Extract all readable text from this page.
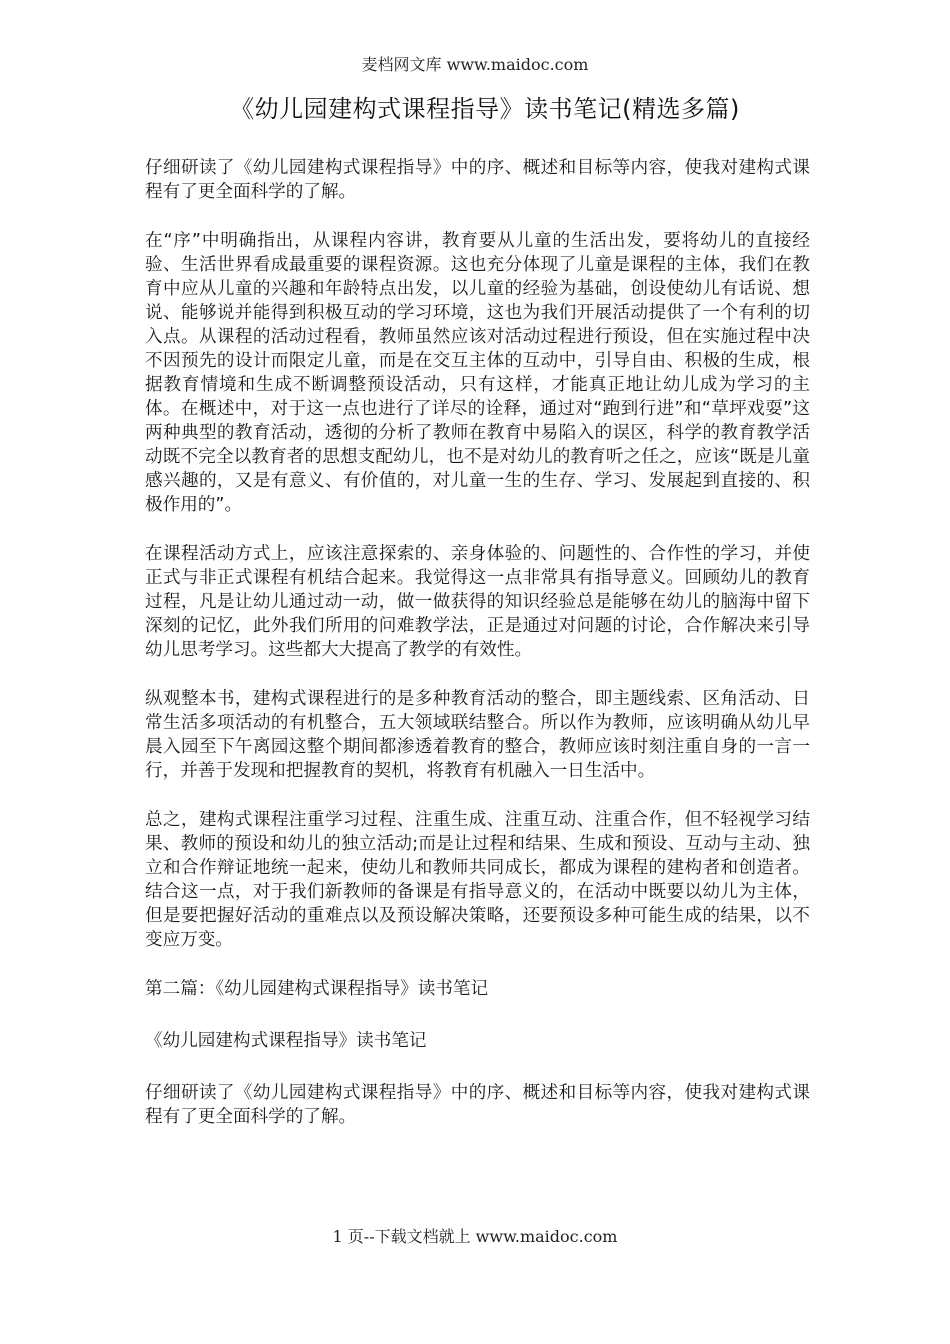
麦档网文库 www.maidoc.com
《幼儿园建构式课程指导》读书笔记(精选多篇)

仔细研读了《幼儿园建构式课程指导》中的序、概述和目标等内容，使我对建构式课程有了更全面科学的了解。

在“序”中明确指出，从课程内容讲，教育要从儿童的生活出发，要将幼儿的直接经验、生活世界看成最重要的课程资源。这也充分体现了儿童是课程的主体，我们在教育中应从儿童的兴趣和年龄特点出发，以儿童的经验为基础，创设使幼儿有话说、想说、能够说并能得到积极互动的学习环境，这也为我们开展活动提供了一个有利的切入点。从课程的活动过程看，教师虽然应该对活动过程进行预设，但在实施过程中决不因预先的设计而限定儿童，而是在交互主体的互动中，引导自由、积极的生成，根据教育情境和生成不断调整预设活动，只有这样，才能真正地让幼儿成为学习的主体。在概述中，对于这一点也进行了详尽的诠释，通过对“跑到行进”和“草坪戏耍”这两种典型的教育活动，透彻的分析了教师在教育中易陷入的误区，科学的教育教学活动既不完全以教育者的思想支配幼儿，也不是对幼儿的教育听之任之，应该“既是儿童感兴趣的，又是有意义、有价值的，对儿童一生的生存、学习、发展起到直接的、积极作用的”。

在课程活动方式上，应该注意探索的、亲身体验的、问题性的、合作性的学习，并使正式与非正式课程有机结合起来。我觉得这一点非常具有指导意义。回顾幼儿的教育过程，凡是让幼儿通过动一动，做一做获得的知识经验总是能够在幼儿的脑海中留下深刻的记忆，此外我们所用的问难教学法，正是通过对问题的讨论，合作解决来引导幼儿思考学习。这些都大大提高了教学的有效性。

纵观整本书，建构式课程进行的是多种教育活动的整合，即主题线索、区角活动、日常生活多项活动的有机整合，五大领域联结整合。所以作为教师，应该明确从幼儿早晨入园至下午离园这整个期间都渗透着教育的整合，教师应该时刻注重自身的一言一行，并善于发现和把握教育的契机，将教育有机融入一日生活中。

总之，建构式课程注重学习过程、注重生成、注重互动、注重合作，但不轻视学习结果、教师的预设和幼儿的独立活动;而是让过程和结果、生成和预设、互动与主动、独立和合作辩证地统一起来，使幼儿和教师共同成长，都成为课程的建构者和创造者。结合这一点，对于我们新教师的备课是有指导意义的，在活动中既要以幼儿为主体，但是要把握好活动的重难点以及预设解决策略，还要预设多种可能生成的结果，以不变应万变。

第二篇：《幼儿园建构式课程指导》读书笔记

《幼儿园建构式课程指导》读书笔记

仔细研读了《幼儿园建构式课程指导》中的序、概述和目标等内容，使我对建构式课程有了更全面科学的了解。

1 页--下载文档就上 www.maidoc.com
